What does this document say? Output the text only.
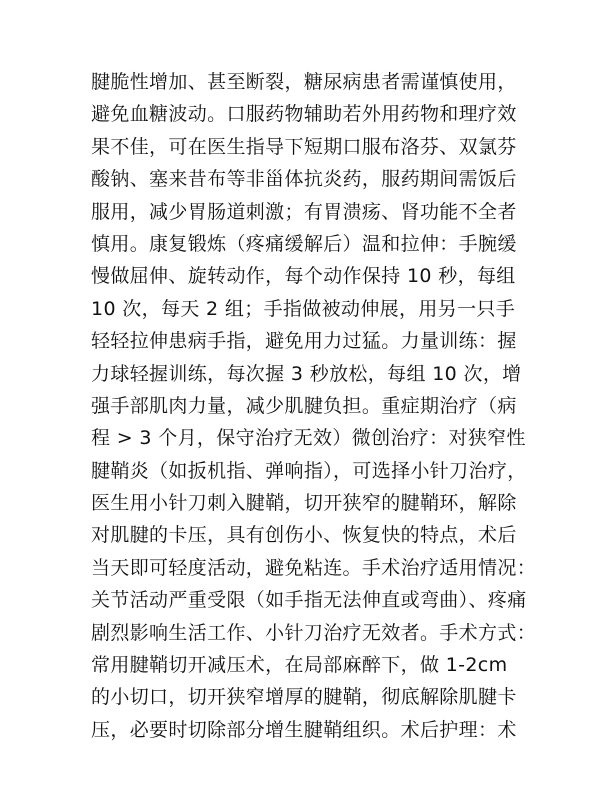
腱脆性增加、甚至断裂，糖尿病患者需谨慎使用，
避免血糖波动。口服药物辅助若外用药物和理疗效
果不佳，可在医生指导下短期口服布洛芬、双氯芬
酸钠、塞来昔布等非甾体抗炎药，服药期间需饭后
服用，减少胃肠道刺激；有胃溃疡、肾功能不全者
慎用。康复锻炼（疼痛缓解后）温和拉伸：手腕缓
慢做屈伸、旋转动作，每个动作保持 10 秒，每组
10 次，每天 2 组；手指做被动伸展，用另一只手
轻轻拉伸患病手指，避免用力过猛。力量训练：握
力球轻握训练，每次握 3 秒放松，每组 10 次，增
强手部肌肉力量，减少肌腱负担。重症期治疗（病
程 > 3 个月，保守治疗无效）微创治疗：对狭窄性
腱鞘炎（如扳机指、弹响指），可选择小针刀治疗，
医生用小针刀刺入腱鞘，切开狭窄的腱鞘环，解除
对肌腱的卡压，具有创伤小、恢复快的特点，术后
当天即可轻度活动，避免粘连。手术治疗适用情况：
关节活动严重受限（如手指无法伸直或弯曲）、疼痛
剧烈影响生活工作、小针刀治疗无效者。手术方式：
常用腱鞘切开减压术，在局部麻醉下，做 1-2cm
的小切口，切开狭窄增厚的腱鞘，彻底解除肌腱卡
压，必要时切除部分增生腱鞘组织。术后护理：术
